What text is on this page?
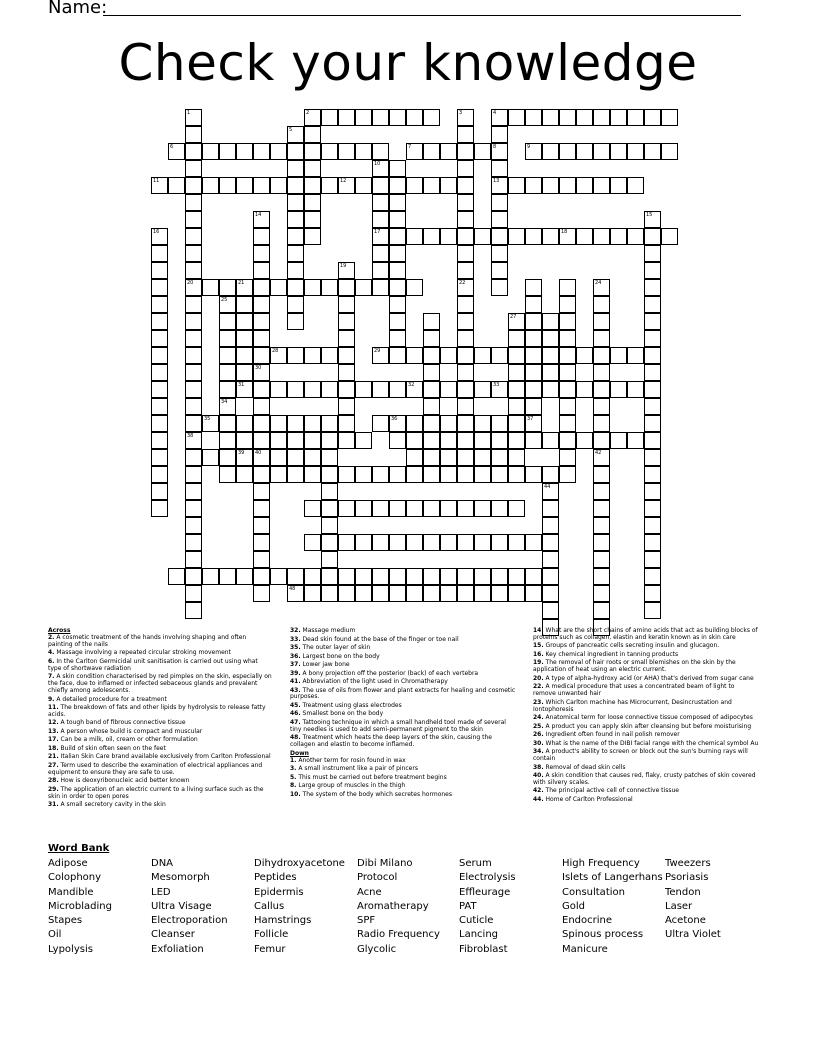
Name:
Check your knowledge
2	4
6	7	9
11	12	13
17	18
20	21
28	29
31	32	33
35	36	37
39 40
48
1
38
14
30
5
19
10
3
22
8
24
42
15
16
25
34
44
27
Across
2. A cosmetic treatment of the hands involving shaping and often painting of the nails
4. Massage involving a repeated circular stroking movement
6. In the Carlton Germicidal unit sanitisation is carried out using what type of shortwave radiation
7. A skin condition characterised by red pimples on the skin, especially on the face, due to inflamed or infected sebaceous glands and prevalent chiefly among adolescents.
9. A detailed procedure for a treatment
11. The breakdown of fats and other lipids by hydrolysis to release fatty acids.
12. A tough band of fibrous connective tissue
13. A person whose build is compact and muscular
17. Can be a milk, oil, cream or other formulation
18. Build of skin often seen on the feet
21. Italian Skin Care brand available exclusively from Carlton Professional
27. Term used to describe the examination of electrical appliances and equipment to ensure they are safe to use.
28. How is deoxyribonucleic acid better known
29. The application of an electric current to a living surface such as the skin in order to open pores
31. A small secretory cavity in the skin
32. Massage medium
33. Dead skin found at the base of the finger or toe nail
35. The outer layer of skin
36. Largest bone on the body
37. Lower jaw bone
39. A bony projection off the posterior (back) of each vertebra
41. Abbreviation of the light used in Chromatherapy
43. The use of oils from flower and plant extracts for healing and cosmetic purposes.
45. Treatment using glass electrodes
46. Smallest bone on the body
47. Tattooing technique in which a small handheld tool made of several tiny needles is used to add semi-permanent pigment to the skin
48. Treatment which heats the deep layers of the skin, causing the collagen and elastin to become inflamed.
Down
1. Another term for rosin found in wax
3. A small instrument like a pair of pincers
5. This must be carried out before treatment begins
8. Large group of muscles in the thigh
10. The system of the body which secretes hormones
14. What are the short chains of amino acids that act as building blocks of proteins such as collagen, elastin and keratin known as in skin care
15. Groups of pancreatic cells secreting insulin and glucagon.
16. Key chemical ingredient in tanning products
19. The removal of hair roots or small blemishes on the skin by the application of heat using an electric current.
20. A type of alpha-hydroxy acid (or AHA) that's derived from sugar cane
22. A medical procedure that uses a concentrated beam of light to remove unwanted hair
23. Which Carlton machine has Microcurrent, Desincrustation and Iontophoresis
24. Anatomical term for loose connective tissue composed of adipocytes
25. A product you can apply skin after cleansing but before moisturising
26. Ingredient often found in nail polish remover
30. What is the name of the DIBI facial range with the chemical symbol Au
34. A product's ability to screen or block out the sun's burning rays will contain
38. Removal of dead skin cells
40. A skin condition that causes red, flaky, crusty patches of skin covered with silvery scales.
42. The principal active cell of connective tissue
44. Home of Carlton Professional
Word Bank
Adipose
Colophony
Mandible
Microblading
Stapes
Oil
Lypolysis
DNA
Mesomorph
LED
Ultra Visage
Electroporation
Cleanser
Exfoliation
Dihydroxyacetone
Peptides
Epidermis
Callus
Hamstrings
Follicle
Femur
Dibi Milano
Protocol
Acne
Aromatherapy
SPF
Radio Frequency
Glycolic
Serum
Electrolysis
Effleurage
PAT
Cuticle
Lancing
Fibroblast
High Frequency
Islets of Langerhans
Consultation
Gold
Endocrine
Spinous process
Manicure
Tweezers
Psoriasis
Tendon
Laser
Acetone
Ultra Violet
